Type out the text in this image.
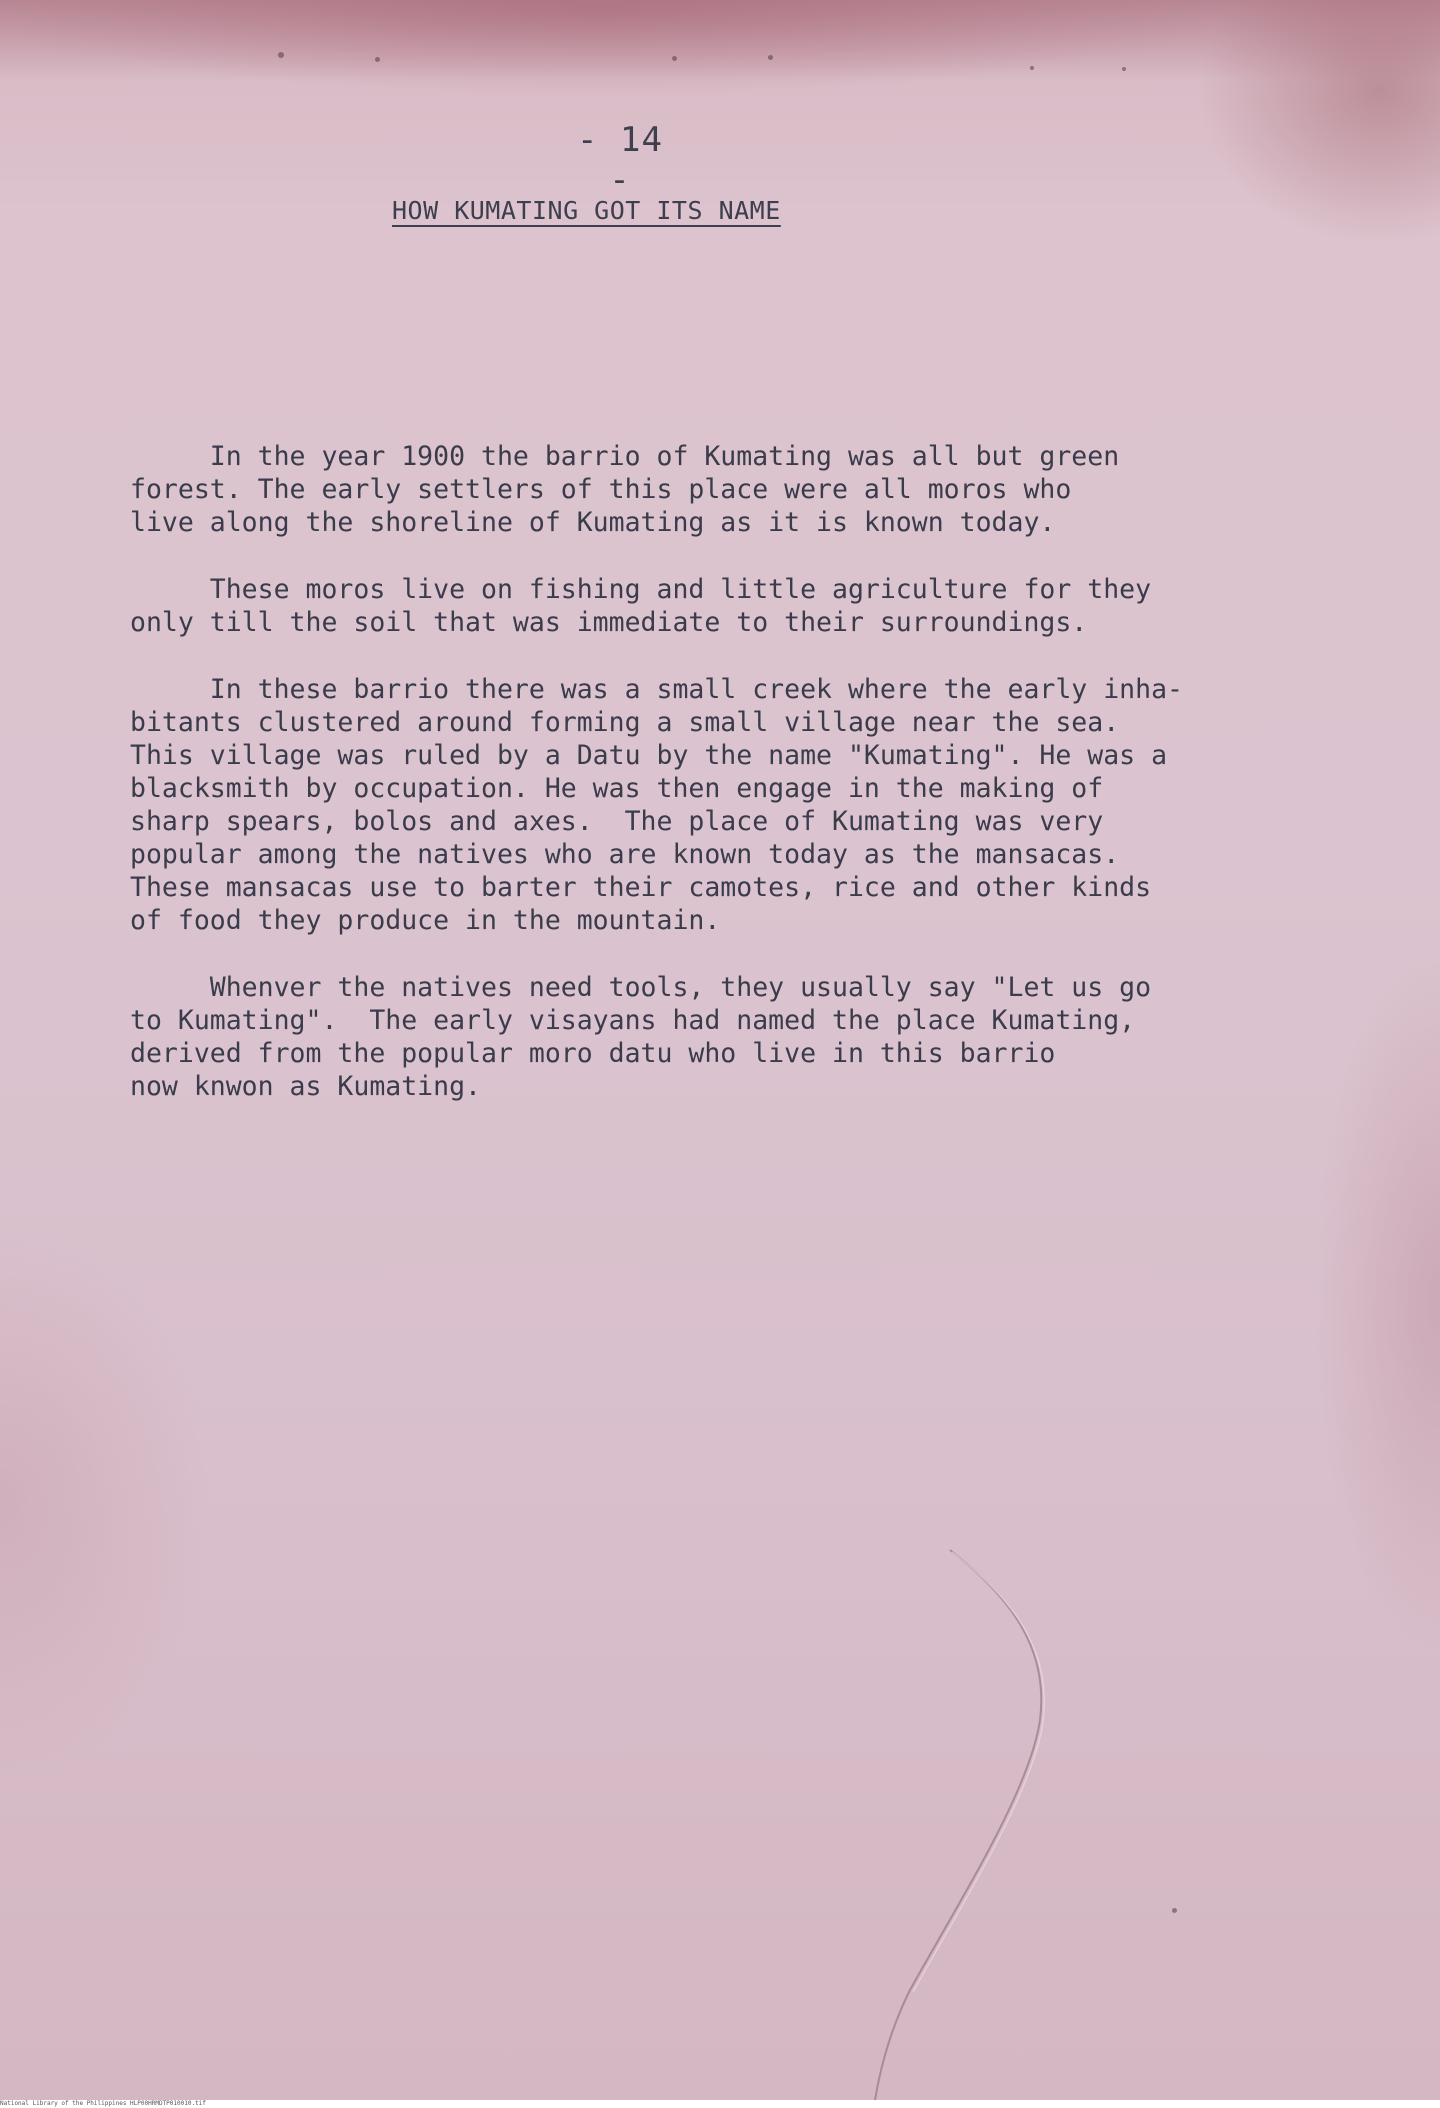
- 14 -
HOW KUMATING GOT ITS NAME
In the year 1900 the barrio of Kumating was all but green
forest. The early settlers of this place were all moros who
live along the shoreline of Kumating as it is known today.
These moros live on fishing and little agriculture for they
only till the soil that was immediate to their surroundings.
In these barrio there was a small creek where the early inha-
bitants clustered around forming a small village near the sea.
This village was ruled by a Datu by the name "Kumating". He was a
blacksmith by occupation. He was then engage in the making of
sharp spears, bolos and axes.  The place of Kumating was very
popular among the natives who are known today as the mansacas.
These mansacas use to barter their camotes, rice and other kinds
of food they produce in the mountain.
Whenver the natives need tools, they usually say "Let us go
to Kumating".  The early visayans had named the place Kumating,
derived from the popular moro datu who live in this barrio
now knwon as Kumating.
National Library of the Philippines HLP00HRMDTP010010.tif
